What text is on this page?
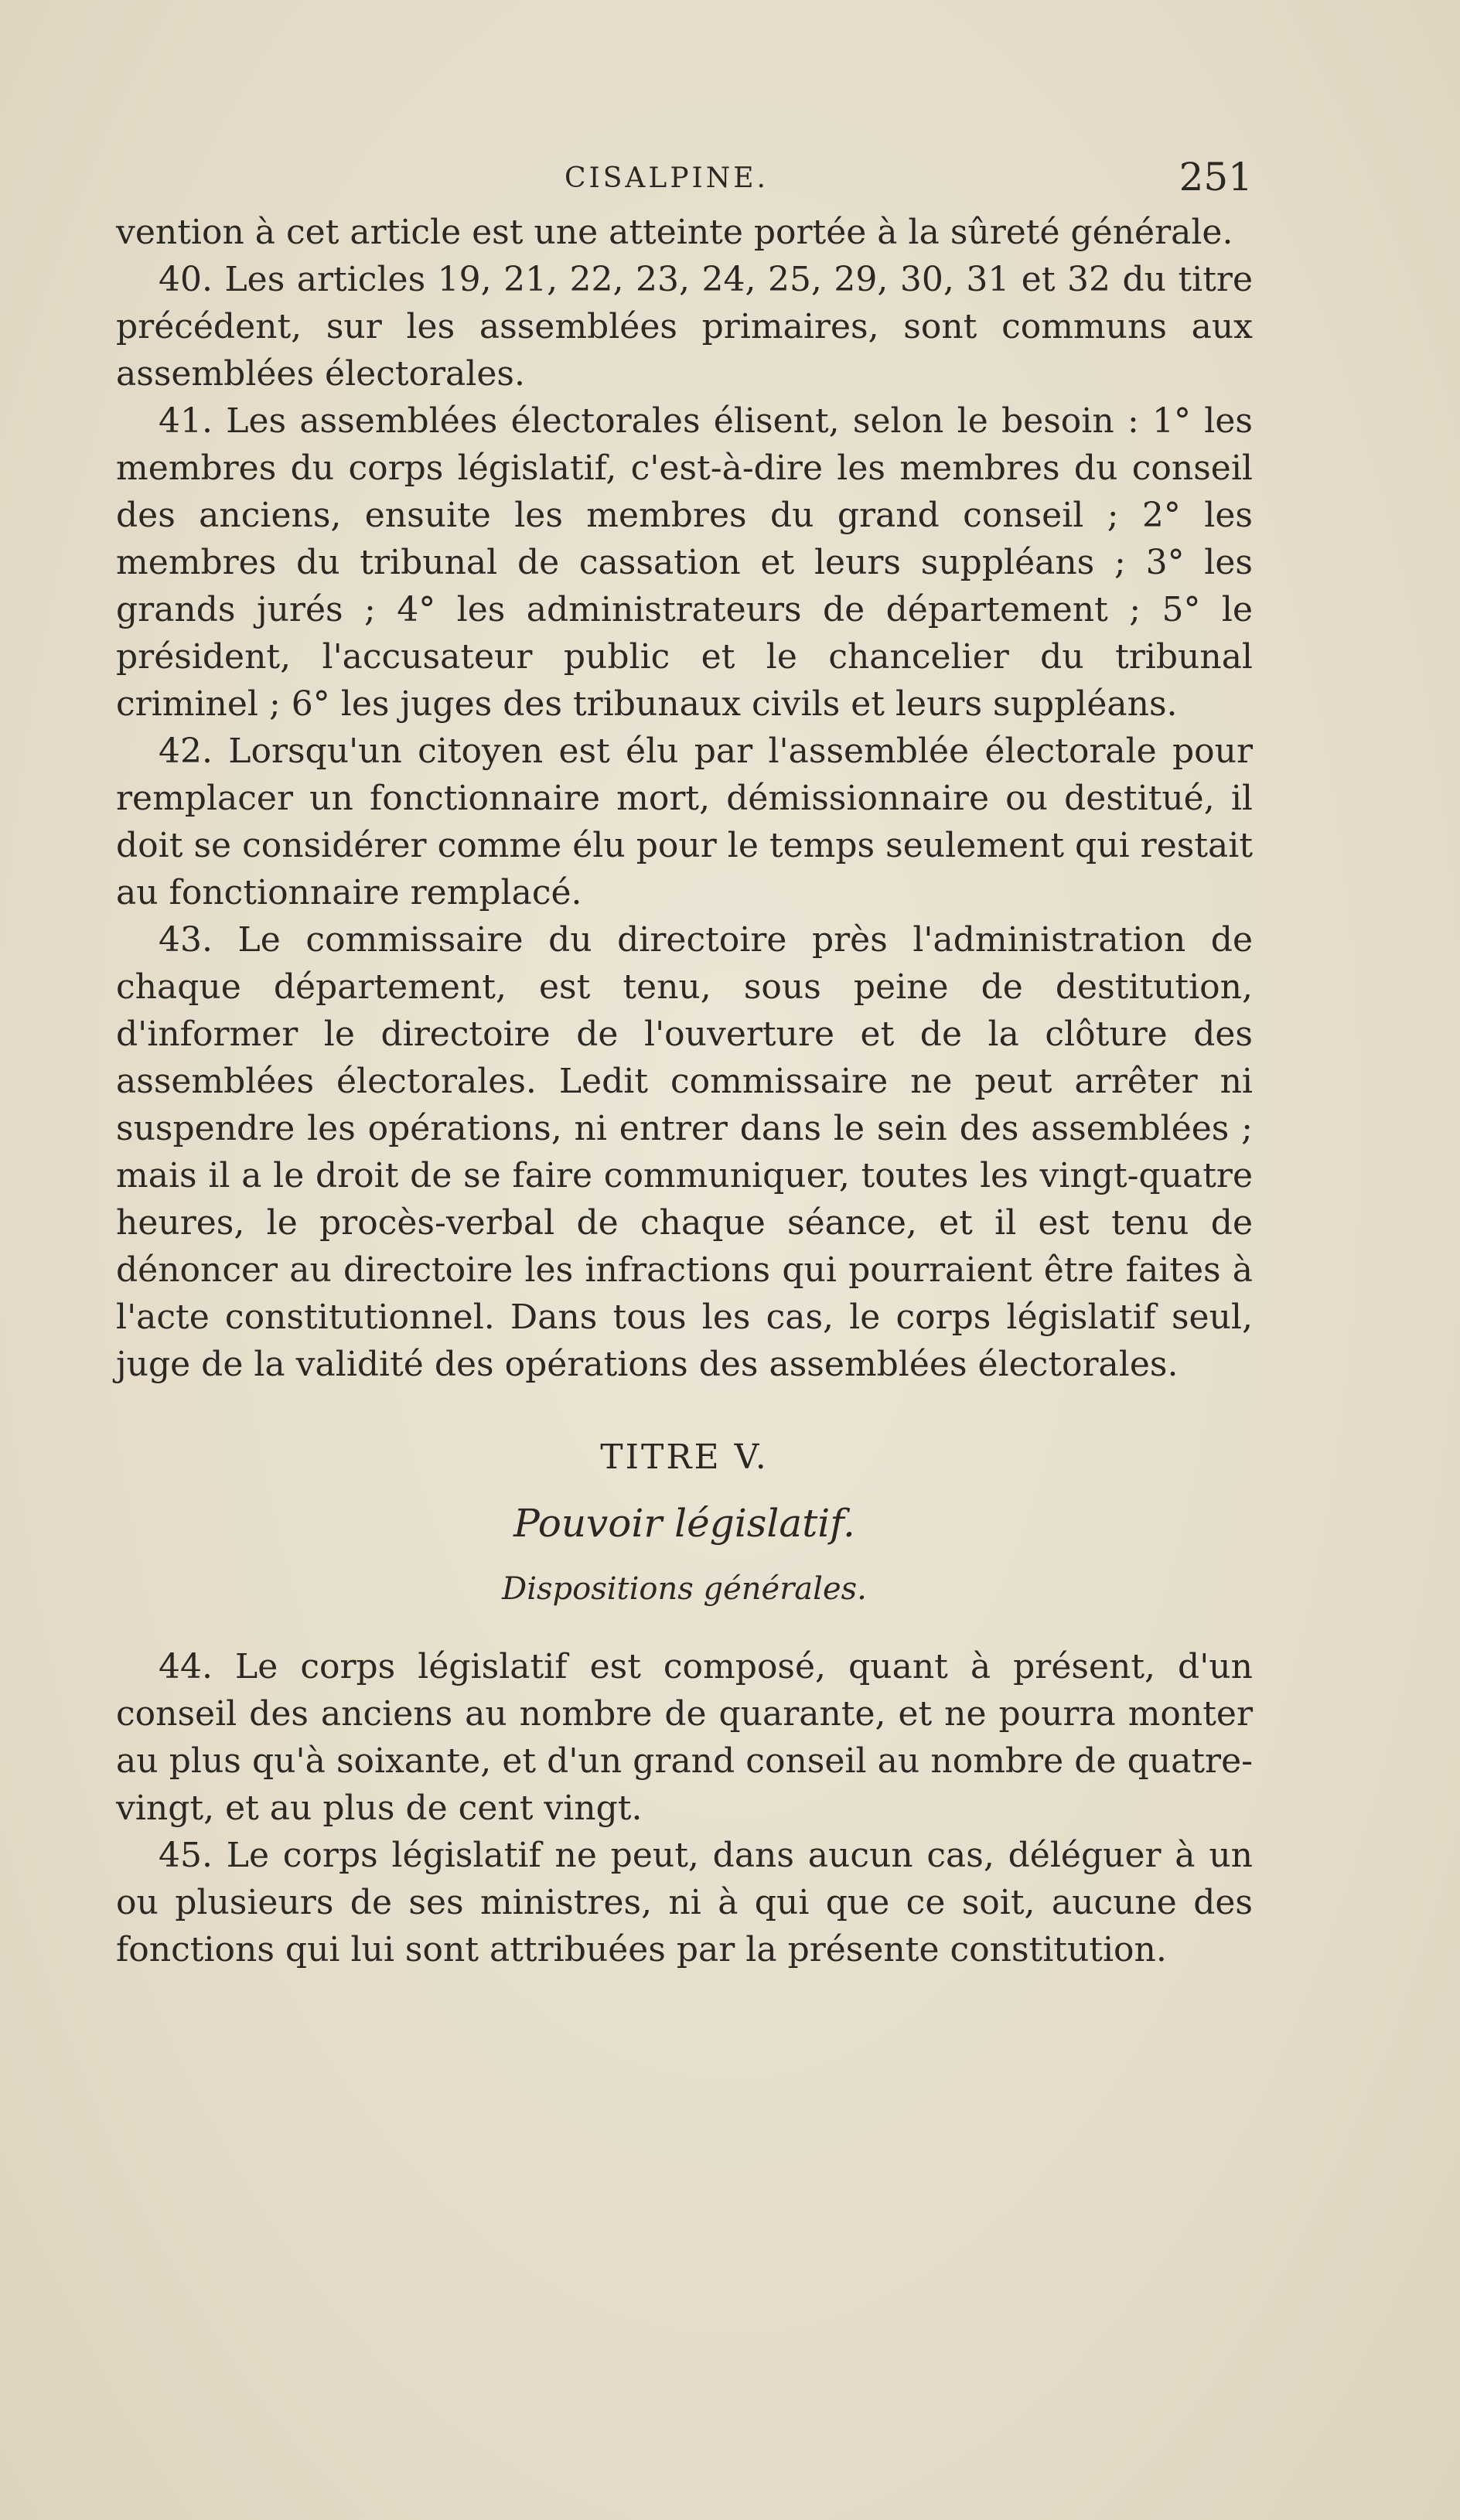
CISALPINE.	251

vention à cet article est une atteinte portée à la sûreté générale.

40. Les articles 19, 21, 22, 23, 24, 25, 29, 30, 31 et 32 du titre précédent, sur les assemblées primaires, sont communs aux assemblées électorales.

41. Les assemblées électorales élisent, selon le besoin : 1° les membres du corps législatif, c'est-à-dire les membres du conseil des anciens, ensuite les membres du grand conseil ; 2° les membres du tribunal de cassation et leurs suppléans ; 3° les grands jurés ; 4° les administrateurs de département ; 5° le président, l'accusateur public et le chancelier du tribunal criminel ; 6° les juges des tribunaux civils et leurs suppléans.

42. Lorsqu'un citoyen est élu par l'assemblée électorale pour remplacer un fonctionnaire mort, démissionnaire ou destitué, il doit se considérer comme élu pour le temps seulement qui restait au fonctionnaire remplacé.

43. Le commissaire du directoire près l'administration de chaque département, est tenu, sous peine de destitution, d'informer le directoire de l'ouverture et de la clôture des assemblées électorales. Ledit commissaire ne peut arrêter ni suspendre les opérations, ni entrer dans le sein des assemblées ; mais il a le droit de se faire communiquer, toutes les vingt-quatre heures, le procès-verbal de chaque séance, et il est tenu de dénoncer au directoire les infractions qui pourraient être faites à l'acte constitutionnel. Dans tous les cas, le corps législatif seul, juge de la validité des opérations des assemblées électorales.

TITRE V.
Pouvoir législatif.
Dispositions générales.

44. Le corps législatif est composé, quant à présent, d'un conseil des anciens au nombre de quarante, et ne pourra monter au plus qu'à soixante, et d'un grand conseil au nombre de quatre-vingt, et au plus de cent vingt.

45. Le corps législatif ne peut, dans aucun cas, déléguer à un ou plusieurs de ses ministres, ni à qui que ce soit, aucune des fonctions qui lui sont attribuées par la présente constitution.
